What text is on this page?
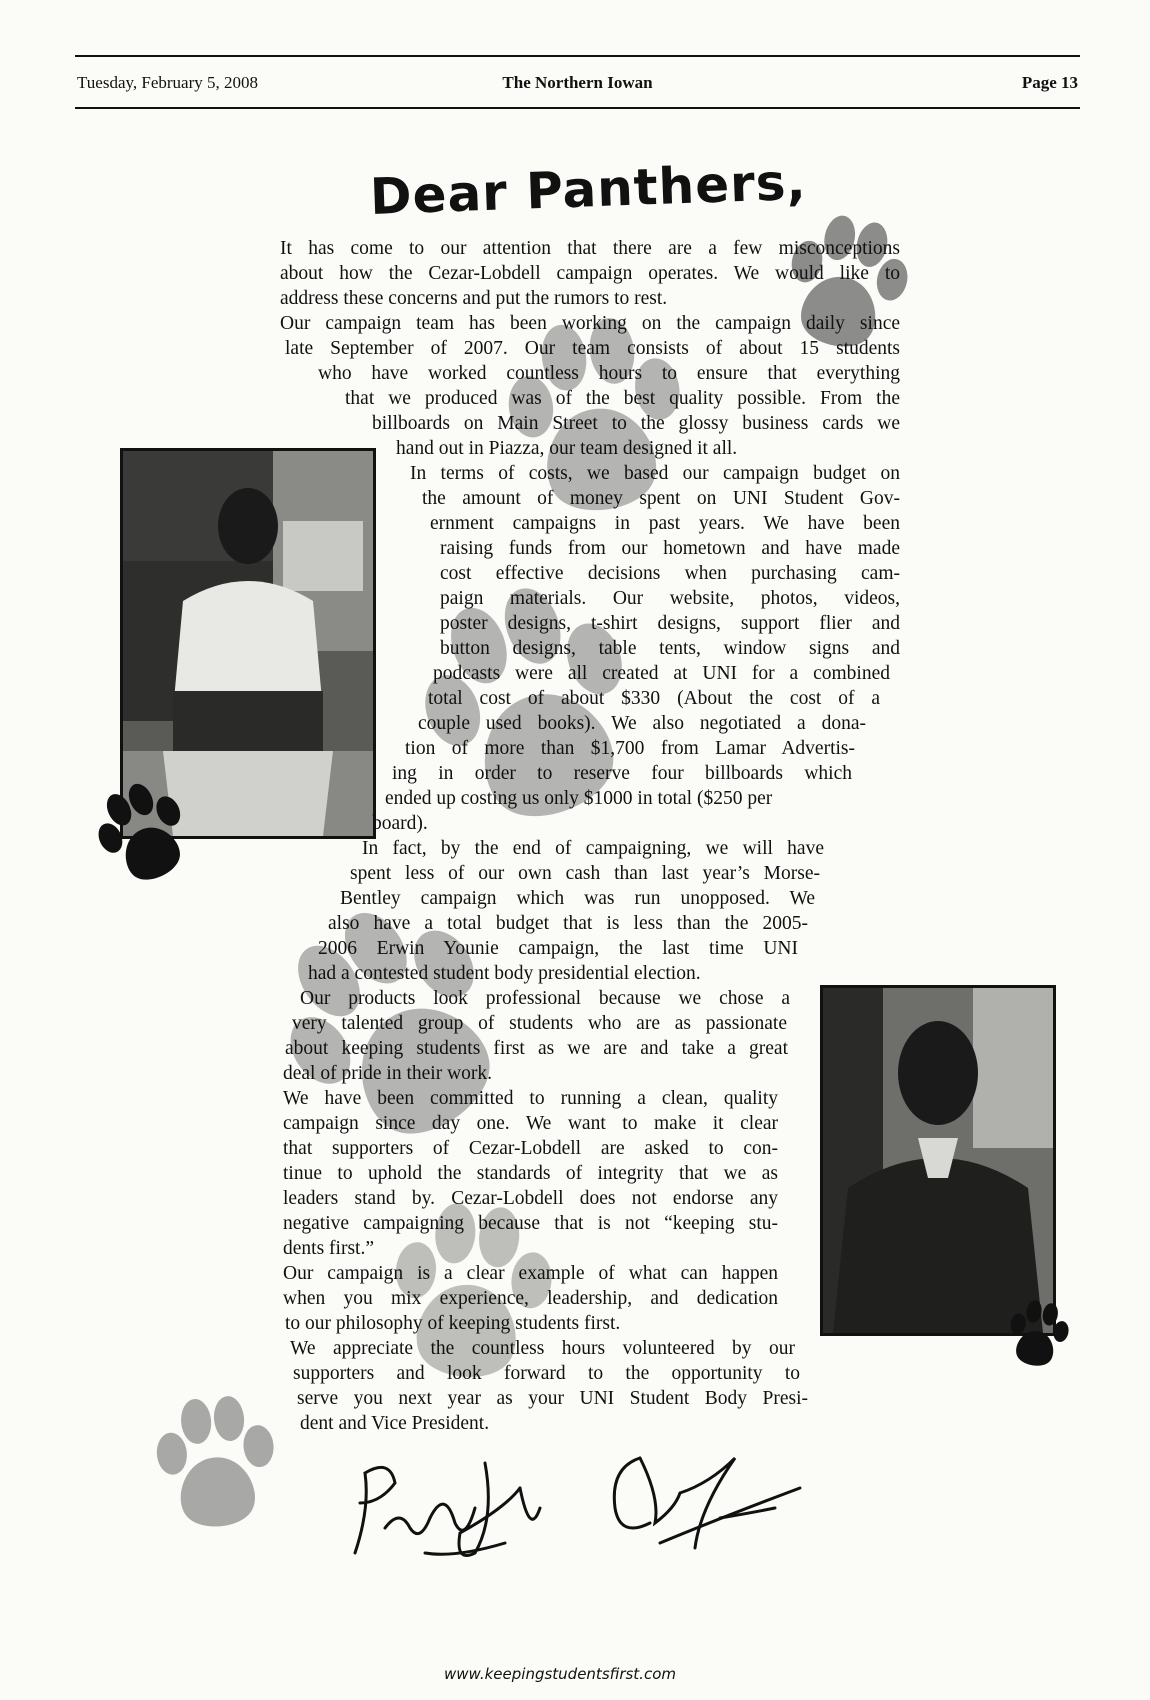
Tuesday, February 5, 2008	The Northern Iowan	Page 13
Dear Panthers,
It has come to our attention that there are a few misconceptions
about how the Cezar-Lobdell campaign operates. We would like to
address these concerns and put the rumors to rest.
Our campaign team has been working on the campaign daily since
late September of 2007. Our team consists of about 15 students
who have worked countless hours to ensure that everything
that we produced was of the best quality possible. From the
billboards on Main Street to the glossy business cards we
hand out in Piazza, our team designed it all.
In terms of costs, we based our campaign budget on
the amount of money spent on UNI Student Gov-
ernment campaigns in past years. We have been
raising funds from our hometown and have made
cost effective decisions when purchasing cam-
paign materials. Our website, photos, videos,
poster designs, t-shirt designs, support flier and
button designs, table tents, window signs and
podcasts were all created at UNI for a combined
total cost of about $330 (About the cost of a
couple used books). We also negotiated a dona-
tion of more than $1,700 from Lamar Advertis-
ing in order to reserve four billboards which
ended up costing us only $1000 in total ($250 per
board).
In fact, by the end of campaigning, we will have
spent less of our own cash than last year’s Morse-
Bentley campaign which was run unopposed. We
also have a total budget that is less than the 2005-
2006 Erwin Younie campaign, the last time UNI
had a contested student body presidential election.
Our products look professional because we chose a
very talented group of students who are as passionate
about keeping students first as we are and take a great
deal of pride in their work.
We have been committed to running a clean, quality
campaign since day one. We want to make it clear
that supporters of Cezar-Lobdell are asked to con-
tinue to uphold the standards of integrity that we as
leaders stand by. Cezar-Lobdell does not endorse any
negative campaigning because that is not “keeping stu-
dents first.”
Our campaign is a clear example of what can happen
when you mix experience, leadership, and dedication
to our philosophy of keeping students first.
We appreciate the countless hours volunteered by our
supporters and look forward to the opportunity to
serve you next year as your UNI Student Body Presi-
dent and Vice President.
www.keepingstudentsfirst.com
